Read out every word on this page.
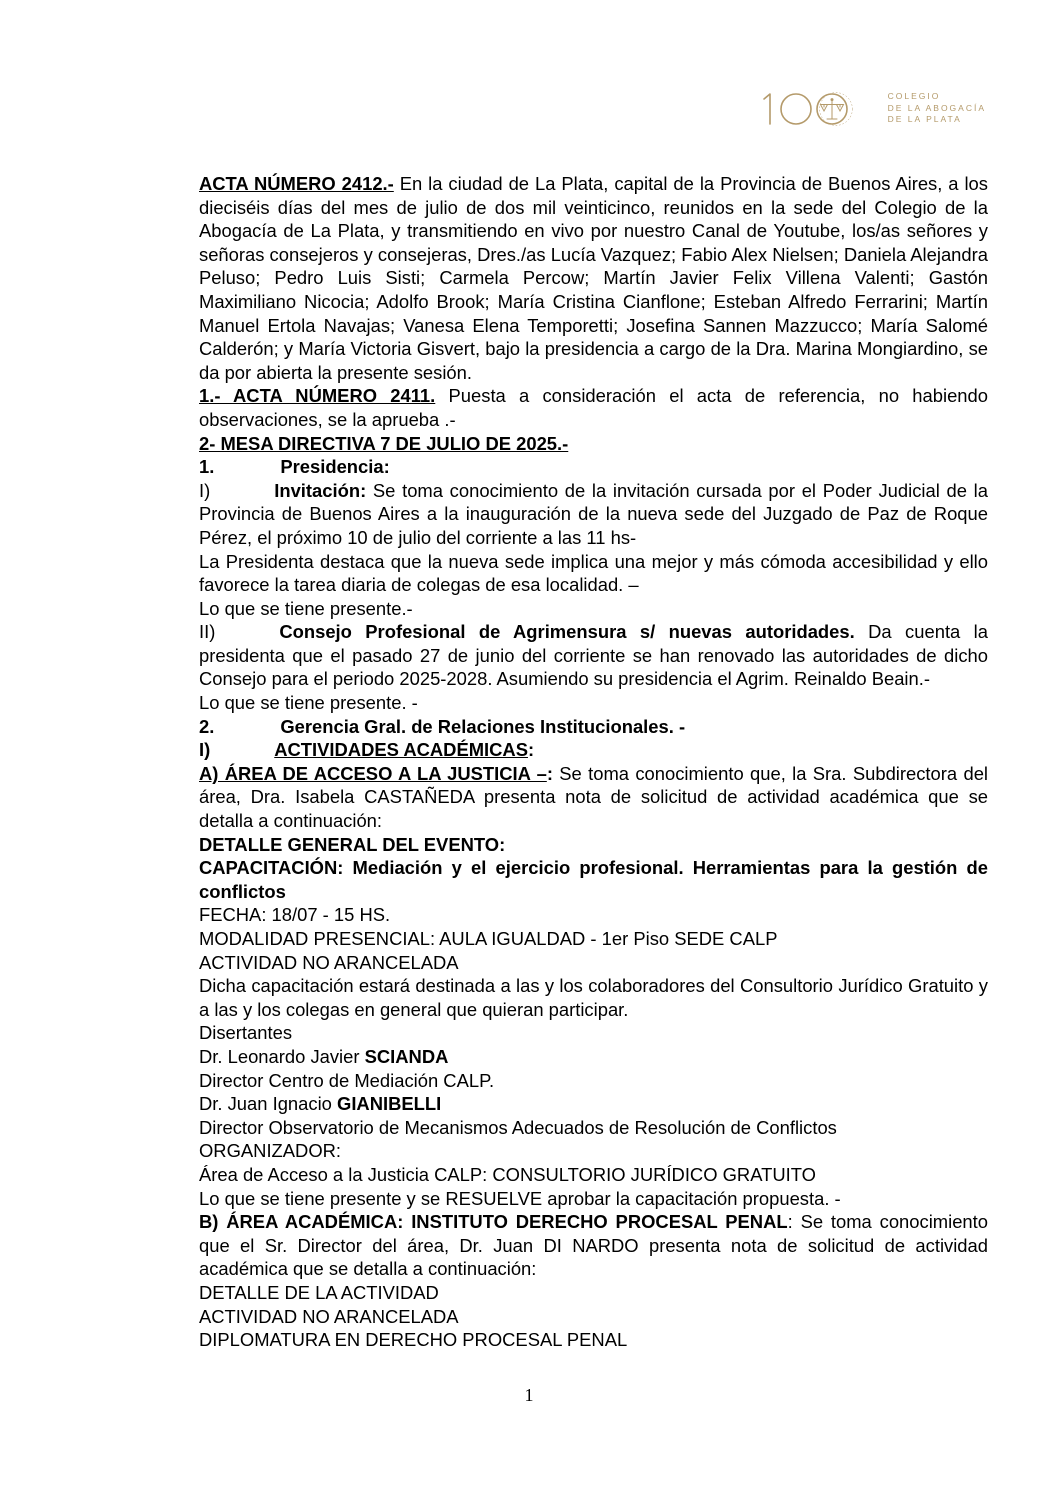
COLEGIO
DE LA ABOGACÍA
DE LA PLATA

ACTA NÚMERO 2412.- En la ciudad de La Plata, capital de la Provincia de Buenos Aires, a los dieciséis días del mes de julio de dos mil veinticinco, reunidos en la sede del Colegio de la Abogacía de La Plata, y transmitiendo en vivo por nuestro Canal de Youtube, los/as señores y señoras consejeros y consejeras, Dres./as Lucía Vazquez; Fabio Alex Nielsen; Daniela Alejandra Peluso; Pedro Luis Sisti; Carmela Percow; Martín Javier Felix Villena Valenti; Gastón Maximiliano Nicocia; Adolfo Brook; María Cristina Cianflone; Esteban Alfredo Ferrarini; Martín Manuel Ertola Navajas; Vanesa Elena Temporetti; Josefina Sannen Mazzucco; María Salomé Calderón; y María Victoria Gisvert, bajo la presidencia a cargo de la Dra. Marina Mongiardino, se da por abierta la presente sesión.

1.- ACTA NÚMERO 2411. Puesta a consideración el acta de referencia, no habiendo observaciones, se la aprueba .-

2- MESA DIRECTIVA 7 DE JULIO DE 2025.-

1.	Presidencia:

I)	Invitación: Se toma conocimiento de la invitación cursada por el Poder Judicial de la Provincia de Buenos Aires a la inauguración de la nueva sede del Juzgado de Paz de Roque Pérez, el próximo 10 de julio del corriente a las 11 hs-

La Presidenta destaca que la nueva sede implica una mejor y más cómoda accesibilidad y ello favorece la tarea diaria de colegas de esa localidad. –

Lo que se tiene presente.-

II)	Consejo Profesional de Agrimensura s/ nuevas autoridades. Da cuenta la presidenta que el pasado 27 de junio del corriente se han renovado las autoridades de dicho Consejo para el periodo 2025-2028. Asumiendo su presidencia el Agrim. Reinaldo Beain.-

Lo que se tiene presente. -

2.	Gerencia Gral. de Relaciones Institucionales. -

I)	ACTIVIDADES ACADÉMICAS:

A) ÁREA DE ACCESO A LA JUSTICIA –: Se toma conocimiento que, la Sra. Subdirectora del área, Dra. Isabela CASTAÑEDA presenta nota de solicitud de actividad académica que se detalla a continuación:

DETALLE GENERAL DEL EVENTO:

CAPACITACIÓN: Mediación y el ejercicio profesional. Herramientas para la gestión de conflictos

FECHA: 18/07 - 15 HS.

MODALIDAD PRESENCIAL: AULA IGUALDAD - 1er Piso SEDE CALP

ACTIVIDAD NO ARANCELADA

Dicha capacitación estará destinada a las y los colaboradores del Consultorio Jurídico Gratuito y a las y los colegas en general que quieran participar.

Disertantes

Dr. Leonardo Javier SCIANDA

Director Centro de Mediación CALP.

Dr. Juan Ignacio GIANIBELLI

Director Observatorio de Mecanismos Adecuados de Resolución de Conflictos

ORGANIZADOR:

Área de Acceso a la Justicia CALP: CONSULTORIO JURÍDICO GRATUITO

Lo que se tiene presente y se RESUELVE aprobar la capacitación propuesta. -

B) ÁREA ACADÉMICA: INSTITUTO DERECHO PROCESAL PENAL: Se toma conocimiento que el Sr. Director del área, Dr. Juan DI NARDO presenta nota de solicitud de actividad académica que se detalla a continuación:

DETALLE DE LA ACTIVIDAD

ACTIVIDAD NO ARANCELADA

DIPLOMATURA EN DERECHO PROCESAL PENAL

1
